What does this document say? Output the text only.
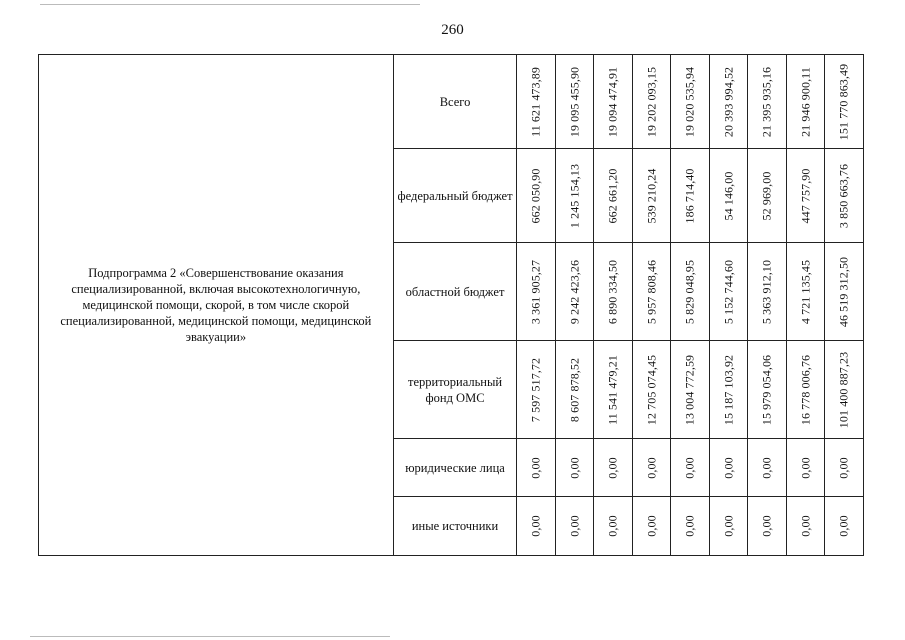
260
Подпрограмма 2 «Совершенствование оказания специализированной, включая высокотехнологичную, медицинской помощи, скорой, в том числе скорой специализированной, медицинской помощи, медицинской эвакуации»	Всего	11 621 473,89	19 095 455,90	19 094 474,91	19 202 093,15	19 020 535,94	20 393 994,52	21 395 935,16	21 946 900,11	151 770 863,49

	федеральный бюджет	662 050,90	1 245 154,13	662 661,20	539 210,24	186 714,40	54 146,00	52 969,00	447 757,90	3 850 663,76

	областной бюджет	3 361 905,27	9 242 423,26	6 890 334,50	5 957 808,46	5 829 048,95	5 152 744,60	5 363 912,10	4 721 135,45	46 519 312,50

	территориальный фонд ОМС	7 597 517,72	8 607 878,52	11 541 479,21	12 705 074,45	13 004 772,59	15 187 103,92	15 979 054,06	16 778 006,76	101 400 887,23

	юридические лица	0,00	0,00	0,00	0,00	0,00	0,00	0,00	0,00	0,00

	иные источники	0,00	0,00	0,00	0,00	0,00	0,00	0,00	0,00	0,00
